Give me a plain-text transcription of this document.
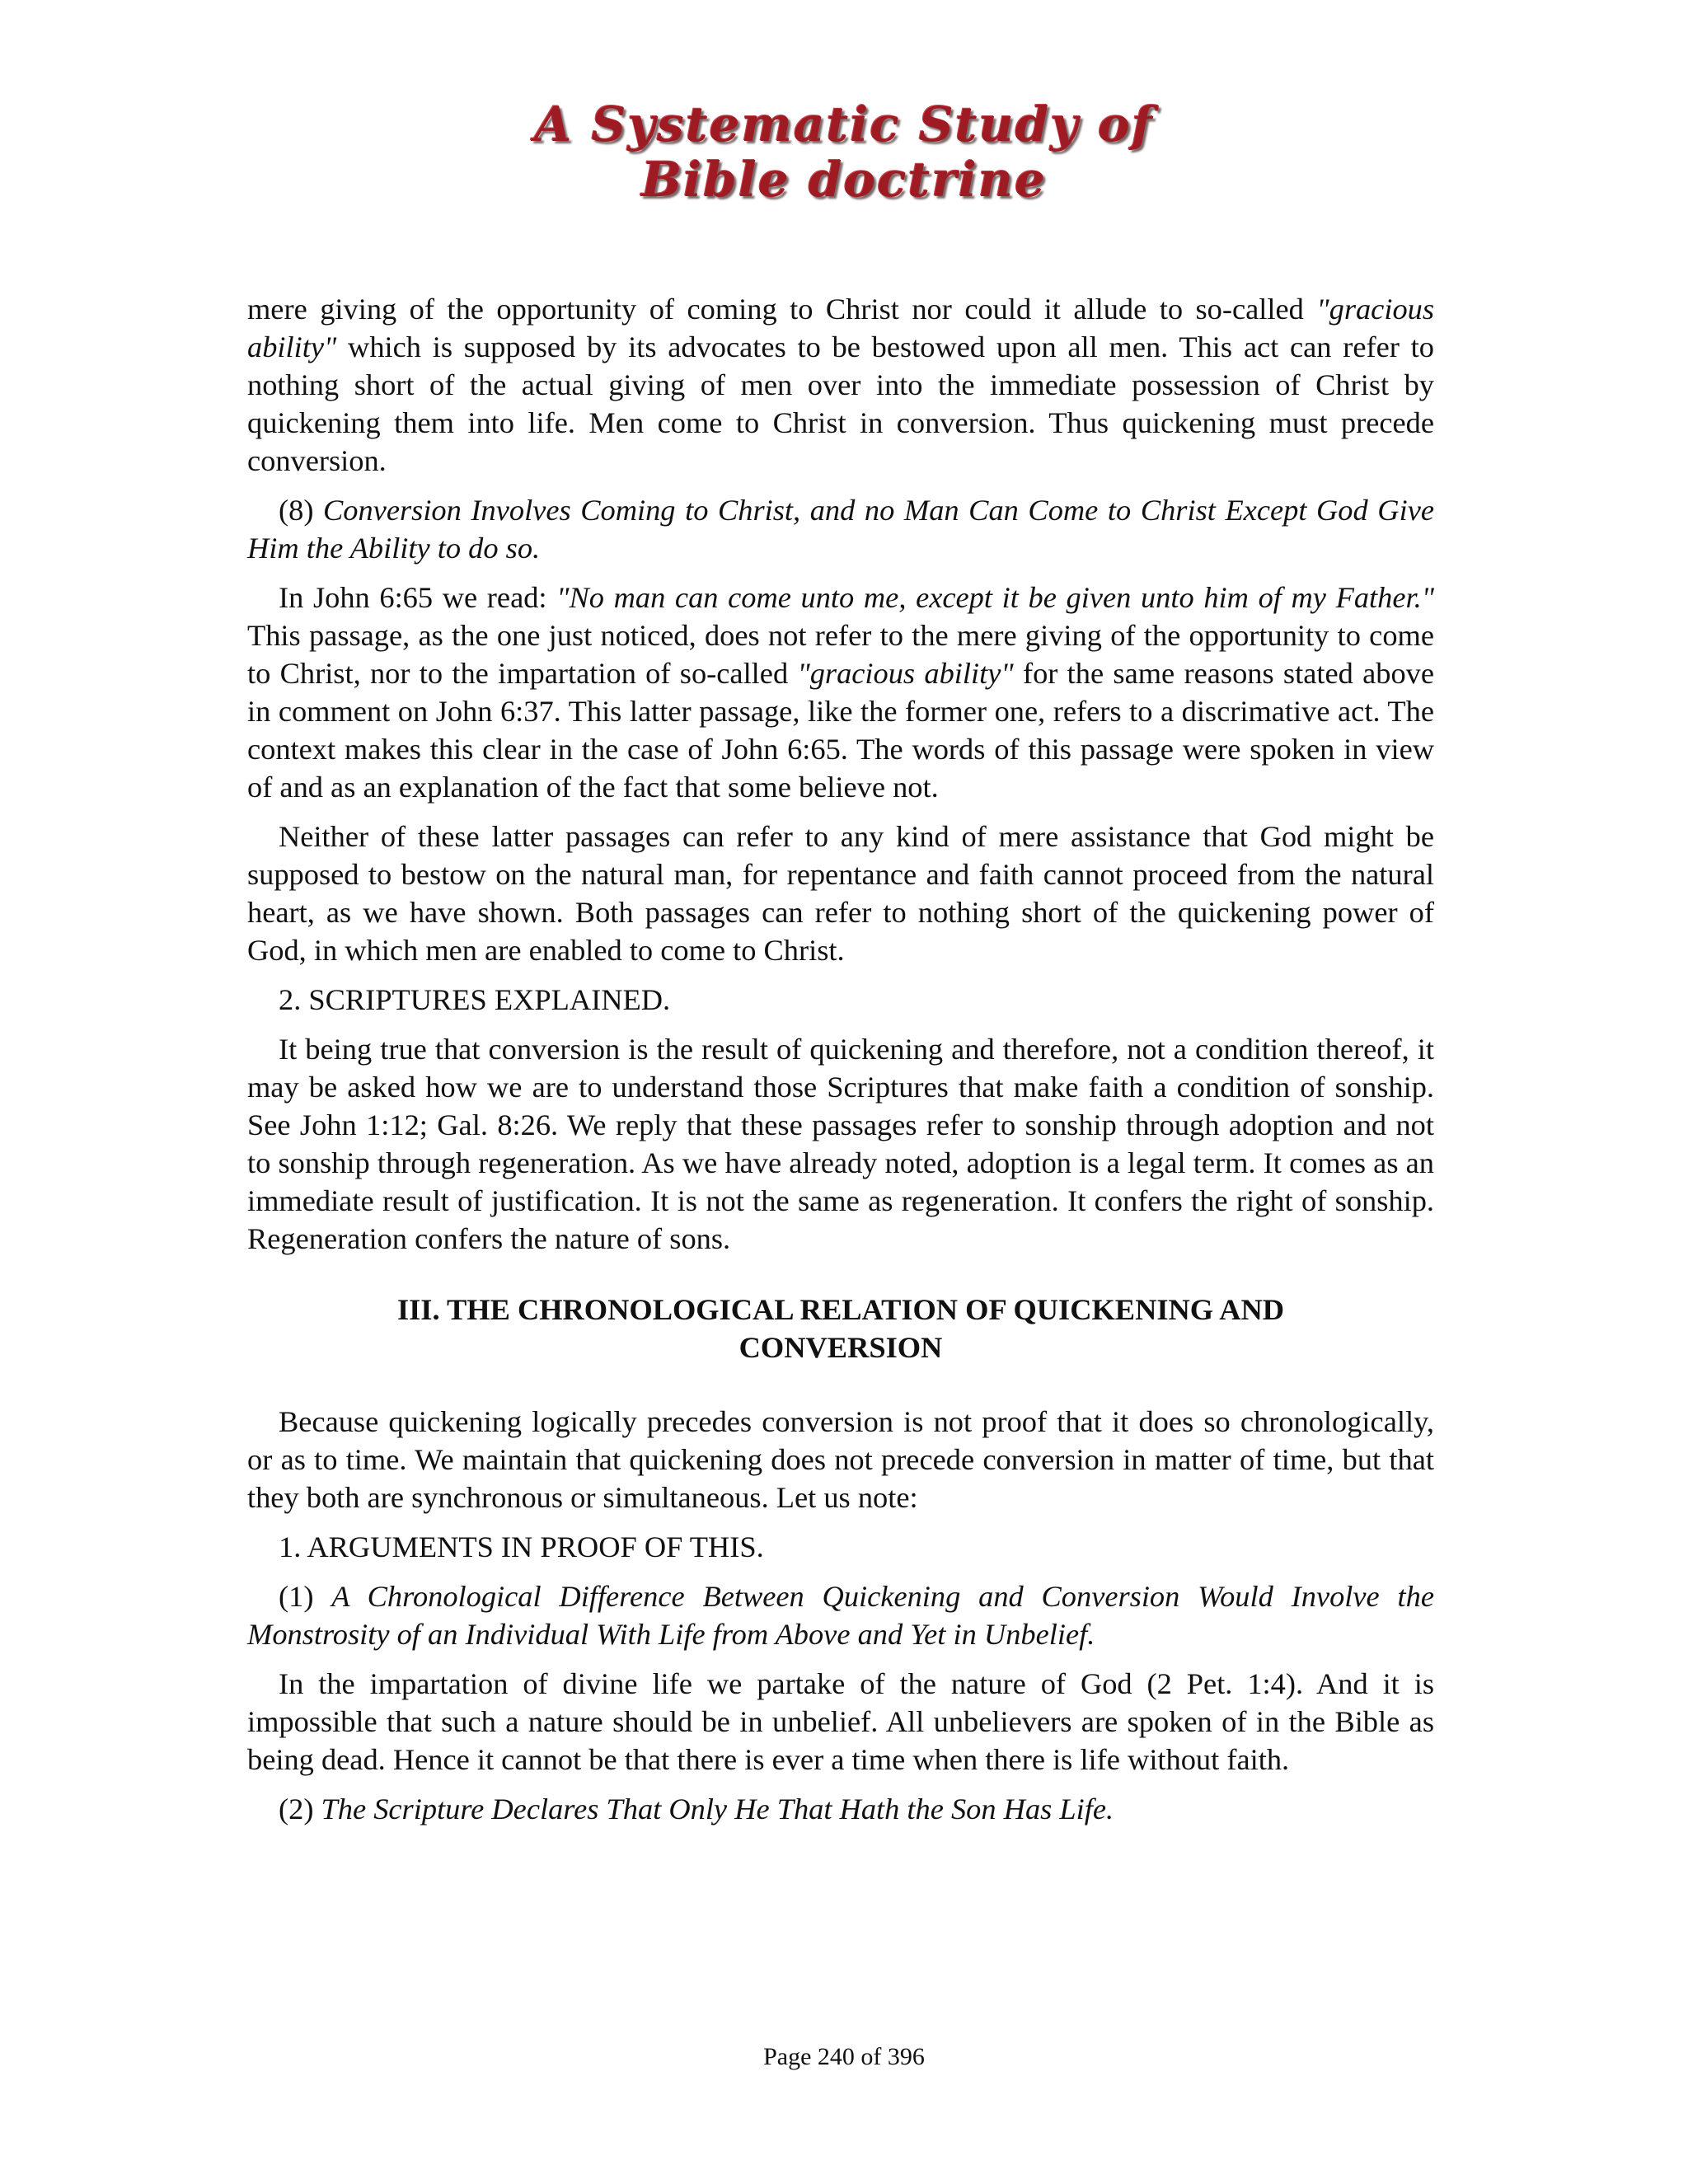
A Systematic Study of
Bible doctrine

mere giving of the opportunity of coming to Christ nor could it allude to so-called "gracious ability" which is supposed by its advocates to be bestowed upon all men. This act can refer to nothing short of the actual giving of men over into the immediate possession of Christ by quickening them into life. Men come to Christ in conversion. Thus quickening must precede conversion.

(8) Conversion Involves Coming to Christ, and no Man Can Come to Christ Except God Give Him the Ability to do so.

In John 6:65 we read: "No man can come unto me, except it be given unto him of my Father." This passage, as the one just noticed, does not refer to the mere giving of the opportunity to come to Christ, nor to the impartation of so-called "gracious ability" for the same reasons stated above in comment on John 6:37. This latter passage, like the former one, refers to a discrimative act. The context makes this clear in the case of John 6:65. The words of this passage were spoken in view of and as an explanation of the fact that some believe not.

Neither of these latter passages can refer to any kind of mere assistance that God might be supposed to bestow on the natural man, for repentance and faith cannot proceed from the natural heart, as we have shown. Both passages can refer to nothing short of the quickening power of God, in which men are enabled to come to Christ.

2. SCRIPTURES EXPLAINED.

It being true that conversion is the result of quickening and therefore, not a condition thereof, it may be asked how we are to understand those Scriptures that make faith a condition of sonship. See John 1:12; Gal. 8:26. We reply that these passages refer to sonship through adoption and not to sonship through regeneration. As we have already noted, adoption is a legal term. It comes as an immediate result of justification. It is not the same as regeneration. It confers the right of sonship. Regeneration confers the nature of sons.

III. THE CHRONOLOGICAL RELATION OF QUICKENING AND
CONVERSION

Because quickening logically precedes conversion is not proof that it does so chronologically, or as to time. We maintain that quickening does not precede conversion in matter of time, but that they both are synchronous or simultaneous. Let us note:

1. ARGUMENTS IN PROOF OF THIS.

(1) A Chronological Difference Between Quickening and Conversion Would Involve the Monstrosity of an Individual With Life from Above and Yet in Unbelief.

In the impartation of divine life we partake of the nature of God (2 Pet. 1:4). And it is impossible that such a nature should be in unbelief. All unbelievers are spoken of in the Bible as being dead. Hence it cannot be that there is ever a time when there is life without faith.

(2) The Scripture Declares That Only He That Hath the Son Has Life.

Page 240 of 396
